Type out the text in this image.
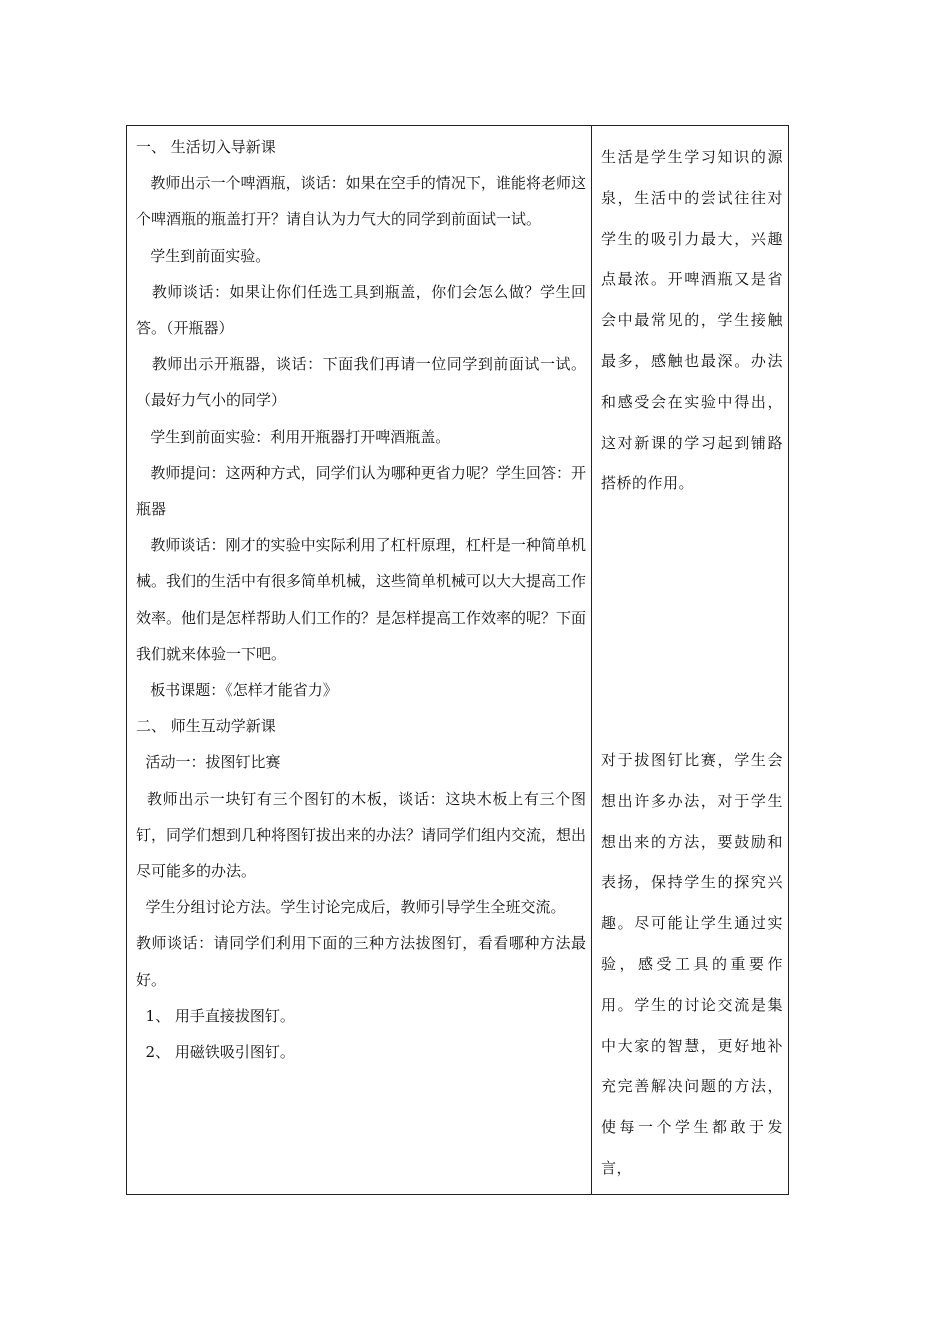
一、 生活切入导新课

教师出示一个啤酒瓶，谈话：如果在空手的情况下，谁能将老师这个啤酒瓶的瓶盖打开？请自认为力气大的同学到前面试一试。

学生到前面实验。

教师谈话：如果让你们任选工具到瓶盖，你们会怎么做？学生回答。（开瓶器）

教师出示开瓶器，谈话：下面我们再请一位同学到前面试一试。（最好力气小的同学）

学生到前面实验：利用开瓶器打开啤酒瓶盖。

教师提问：这两种方式，同学们认为哪种更省力呢？学生回答：开瓶器

教师谈话：刚才的实验中实际利用了杠杆原理，杠杆是一种简单机械。我们的生活中有很多简单机械，这些简单机械可以大大提高工作效率。他们是怎样帮助人们工作的？是怎样提高工作效率的呢？下面我们就来体验一下吧。

板书课题：《怎样才能省力》

二、 师生互动学新课

活动一：拔图钉比赛

教师出示一块钉有三个图钉的木板，谈话：这块木板上有三个图钉，同学们想到几种将图钉拔出来的办法？请同学们组内交流，想出尽可能多的办法。

学生分组讨论方法。学生讨论完成后，教师引导学生全班交流。

教师谈话：请同学们利用下面的三种方法拔图钉，看看哪种方法最好。

1、 用手直接拔图钉。

2、 用磁铁吸引图钉。

生活是学生学习知识的源泉，生活中的尝试往往对学生的吸引力最大，兴趣点最浓。开啤酒瓶又是省会中最常见的，学生接触最多，感触也最深。办法和感受会在实验中得出，这对新课的学习起到铺路搭桥的作用。

对于拔图钉比赛，学生会想出许多办法，对于学生想出来的方法，要鼓励和表扬，保持学生的探究兴趣。尽可能让学生通过实验，感受工具的重要作用。学生的讨论交流是集中大家的智慧，更好地补充完善解决问题的方法，使每一个学生都敢于发言，
